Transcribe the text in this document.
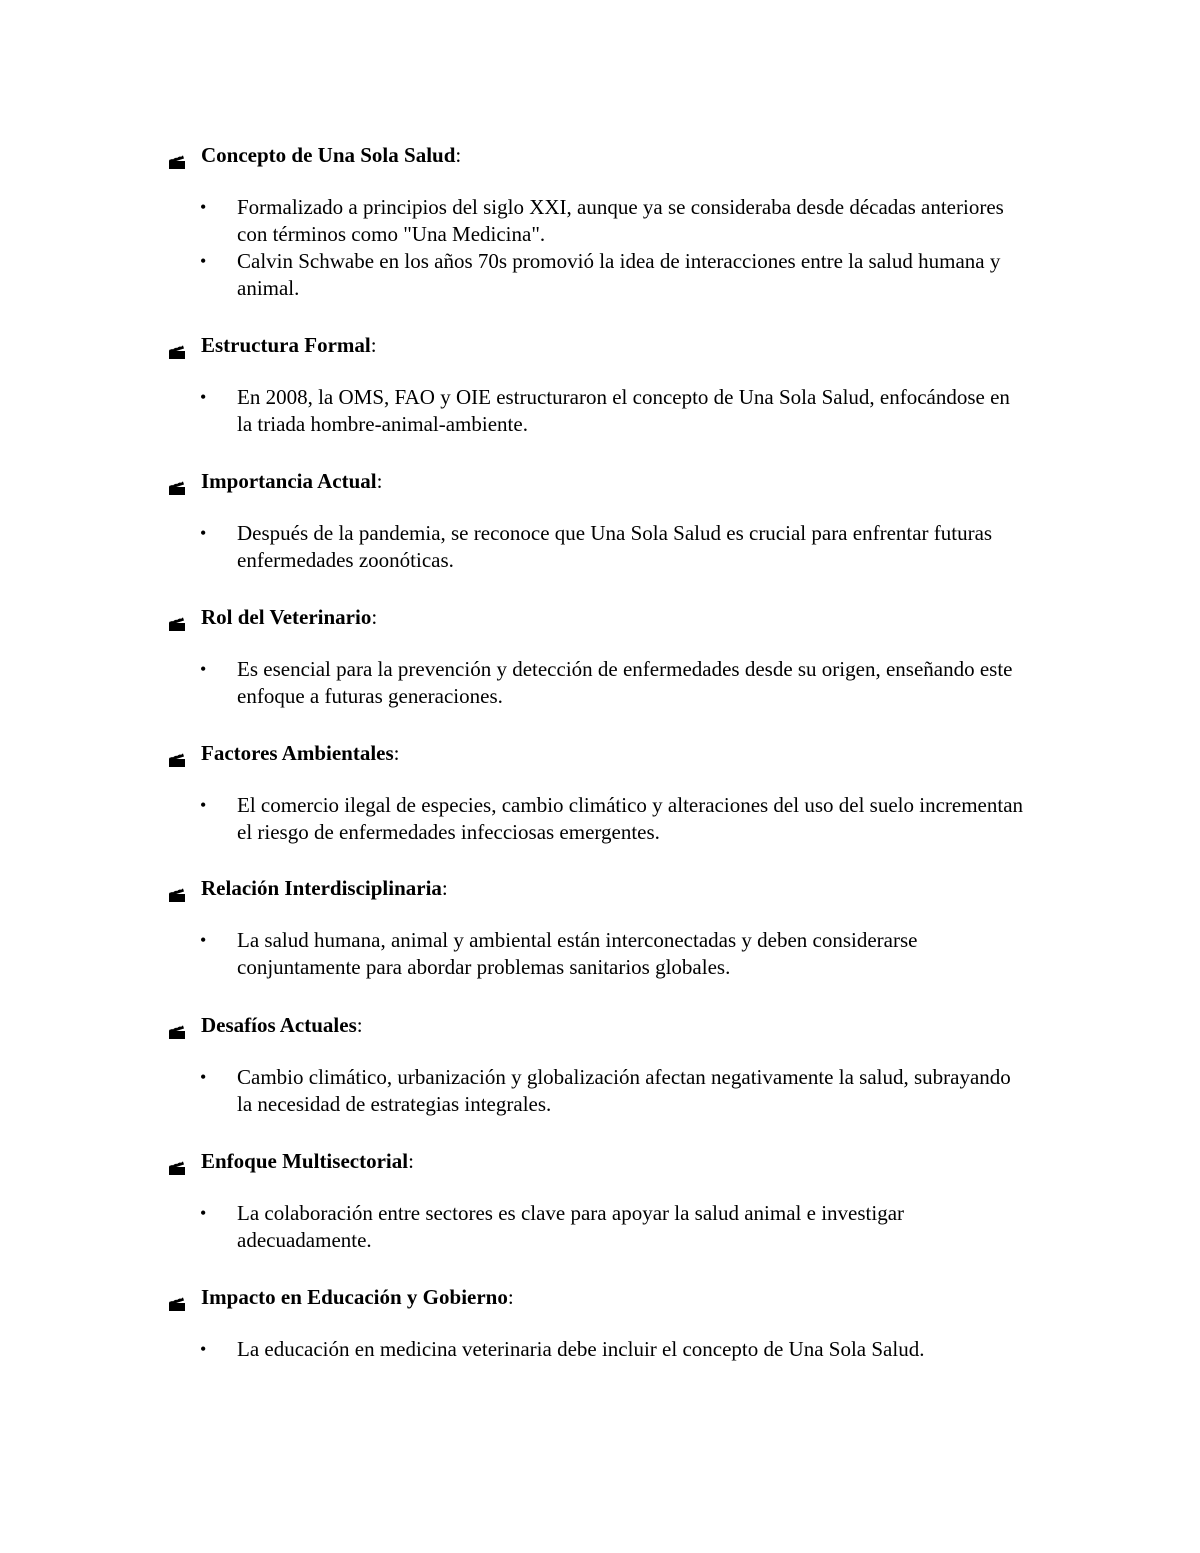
Concepto de Una Sola Salud :
•	Formalizado a principios del siglo XXI, aunque ya se consideraba desde décadas anteriores con términos como "Una Medicina".
•	Calvin Schwabe en los años 70s promovió la idea de interacciones entre la salud humana y animal.
Estructura Formal :
•	En 2008, la OMS, FAO y OIE estructuraron el concepto de Una Sola Salud, enfocándose en la triada hombre-animal-ambiente.
Importancia Actual :
•	Después de la pandemia, se reconoce que Una Sola Salud es crucial para enfrentar futuras enfermedades zoonóticas.
Rol del Veterinario :
•	Es esencial para la prevención y detección de enfermedades desde su origen, enseñando este enfoque a futuras generaciones.
Factores Ambientales :
•	El comercio ilegal de especies, cambio climático y alteraciones del uso del suelo incrementan el riesgo de enfermedades infecciosas emergentes.
Relación Interdisciplinaria :
•	La salud humana, animal y ambiental están interconectadas y deben considerarse conjuntamente para abordar problemas sanitarios globales.
Desafíos Actuales :
•	Cambio climático, urbanización y globalización afectan negativamente la salud, subrayando la necesidad de estrategias integrales.
Enfoque Multisectorial :
•	La colaboración entre sectores es clave para apoyar la salud animal e investigar adecuadamente.
Impacto en Educación y Gobierno :
•	La educación en medicina veterinaria debe incluir el concepto de Una Sola Salud.
